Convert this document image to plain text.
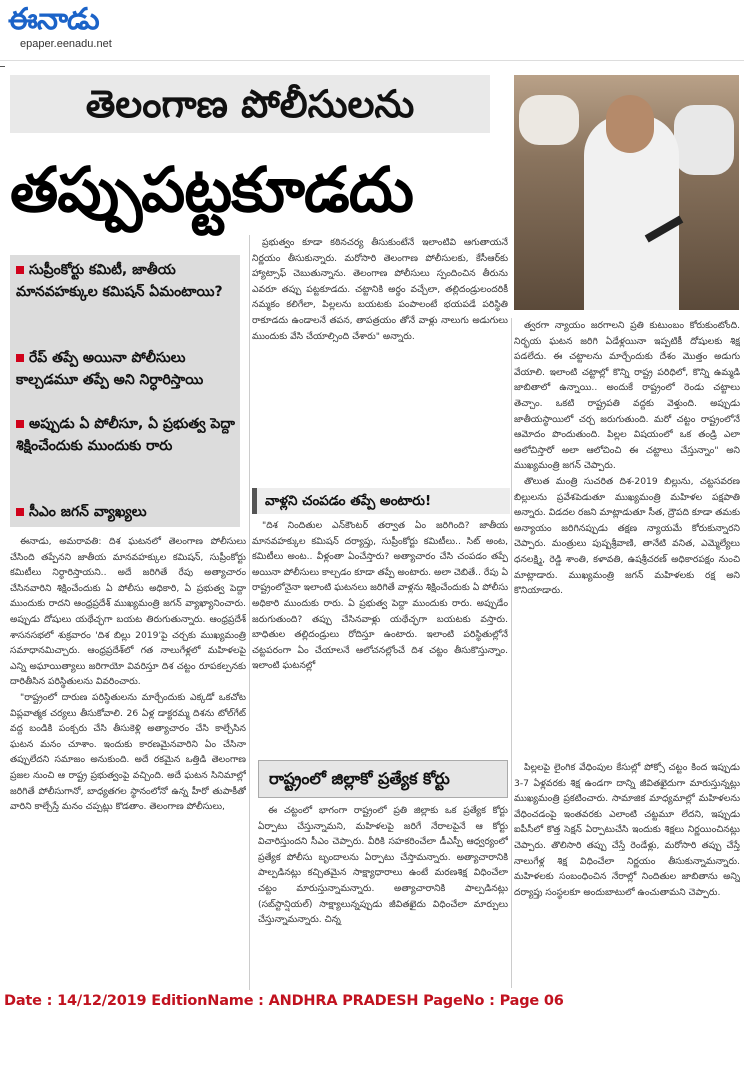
ఈనాడు
epaper.eenadu.net
తెలంగాణ పోలీసులను
తప్పుపట్టకూడదు
సుప్రీంకోర్టు కమిటీ, జాతీయ మానవహక్కుల కమిషన్‌ ఏమంటాయి?
రేప్‌ తప్పే అయినా పోలీసులు కాల్చడమూ తప్పే అని నిర్ధారిస్తాయి
అప్పుడు ఏ పోలీసూ, ఏ ప్రభుత్వ పెద్దా శిక్షించేందుకు ముందుకు రారు
సీఎం జగన్‌ వ్యాఖ్యలు

ఈనాడు, అమరావతి: దిశ ఘటనలో తెలంగాణ పోలీసులు చేసింది తప్పేనని జాతీయ మానవహక్కుల కమిషన్‌, సుప్రీంకోర్టు కమిటీలు నిర్ధారిస్తాయని.. అదే జరిగితే రేపు అత్యాచారం చేసినవారిని శిక్షించేందుకు ఏ పోలీసు అధికారి, ఏ ప్రభుత్వ పెద్దా ముందుకు రాదని ఆంధ్రప్రదేశ్‌ ముఖ్యమంత్రి జగన్‌ వ్యాఖ్యానించారు. అప్పుడు దోషులు యథేచ్ఛగా బయట తిరుగుతున్నారు. ఆంధ్రప్రదేశ్‌ శాసనసభలో శుక్రవారం 'దిశ బిల్లు 2019'పై చర్చకు ముఖ్యమంత్రి సమాధానమిచ్చారు. ఆంధ్రప్రదేశ్‌లో గత నాలుగేళ్లలో మహిళలపై ఎన్ని అఘాయిత్యాలు జరిగాయో వివరిస్తూ దిశ చట్టం రూపకల్పనకు దారితీసిన పరిస్థితులను వివరించారు.

"రాష్ట్రంలో దారుణ పరిస్థితులను మార్చేందుకు ఎక్కడో ఒకచోట విప్లవాత్మక చర్యలు తీసుకోవాలి. 26 ఏళ్ల డాక్టరమ్మ దిశను టోల్‌గేట్‌ వద్ద బండికి పంక్చరు చేసి తీసుకెళ్లి అత్యాచారం చేసి కాల్చేసిన ఘటన మనం చూశాం. ఇందుకు కారణమైనవారిని ఏం చేసినా తప్పులేదని సమాజం అనుకుంది. అదే రకమైన ఒత్తిడి తెలంగాణ ప్రజల నుంచి ఆ రాష్ట్ర ప్రభుత్వంపై వచ్చింది. అదే ఘటన సినిమాల్లో జరిగితే పోలీసుగానో, బాధ్యతగల స్థానంలోనో ఉన్న హీరో తుపాకీతో వారిని కాల్చేస్తే మనం చప్పట్లు కొడతాం. తెలంగాణ పోలీసులు,

ప్రభుత్వం కూడా కఠినచర్య తీసుకుంటేనే ఇలాంటివి ఆగుతాయనే నిర్ణయం తీసుకున్నారు. మరోసారి తెలంగాణ పోలీసులకు, కేసీఆర్‌కు హ్యాట్సాఫ్‌ చెబుతున్నాను. తెలంగాణ పోలీసులు స్పందించిన తీరును ఎవరూ తప్పు పట్టకూడదు. చట్టానికి అర్థం వచ్చేలా, తల్లిదండ్రులందరికీ నమ్మకం కలిగేలా, పిల్లలను బయటకు పంపాలంటే భయపడే పరిస్థితి రాకూడదు ఉండాలనే తపన, తాపత్రయం తోనే వాళ్లు నాలుగు అడుగులు ముందుకు వేసి చేయాల్సింది చేశారు" అన్నారు.

వాళ్లని చంపడం తప్పే అంటారు!

"దిశ నిందితుల ఎన్‌కౌంటర్‌ తర్వాత ఏం జరిగింది? జాతీయ మానవహక్కుల కమిషన్‌ దర్యాప్తు, సుప్రీంకోర్టు కమిటీలు.. సిట్‌ అంట, కమిటీలు అంట.. వీళ్లంతా ఏంచేస్తారు? అత్యాచారం చేసి చంపడం తప్పే అయినా పోలీసులు కాల్చడం కూడా తప్పే అంటారు. అలా చెబితే.. రేపు ఏ రాష్ట్రంలోనైనా ఇలాంటి ఘటనలు జరిగితే వాళ్లను శిక్షించేందుకు ఏ పోలీసు అధికారి ముందుకు రారు. ఏ ప్రభుత్వ పెద్దా ముందుకు రారు. అప్పుడేం జరుగుతుంది? తప్పు చేసినవాళ్లు యథేచ్ఛగా బయటకు వస్తారు. బాధితుల తల్లిదండ్రులు రోదిస్తూ ఉంటారు. ఇలాంటి పరిస్థితుల్లోనే చట్టపరంగా ఏం చేయాలనే ఆలోచనల్లోంచే దిశ చట్టం తీసుకొస్తున్నాం. ఇలాంటి ఘటనల్లో

త్వరగా న్యాయం జరగాలని ప్రతి కుటుంబం కోరుకుంటోంది. నిర్భయ ఘటన జరిగి ఏడేళ్లయినా ఇప్పటికీ దోషులకు శిక్ష పడలేదు. ఈ చట్టాలను మార్చేందుకు దేశం మొత్తం అడుగు వేయాలి. ఇలాంటి చట్టాల్లో కొన్ని రాష్ట్ర పరిధిలో, కొన్ని ఉమ్మడి జాబితాలో ఉన్నాయి.. అందుకే రాష్ట్రంలో రెండు చట్టాలు తెచ్చాం. ఒకటి రాష్ట్రపతి వద్దకు వెళ్తుంది. అప్పుడు జాతీయస్థాయిలో చర్చ జరుగుతుంది. మరో చట్టం రాష్ట్రంలోనే ఆమోదం పొందుతుంది. పిల్లల విషయంలో ఒక తండ్రి ఎలా ఆలోచిస్తారో అలా ఆలోచించి ఈ చట్టాలు చేస్తున్నాం" అని ముఖ్యమంత్రి జగన్‌ చెప్పారు.

తొలుత మంత్రి సుచరిత దిశ-2019 బిల్లును, చట్టసవరణ బిల్లులను ప్రవేశపెడుతూ ముఖ్యమంత్రి మహిళల పక్షపాతి అన్నారు. విడదల రజని మాట్లాడుతూ సీత, ద్రౌపది కూడా తమకు అన్యాయం జరిగినప్పుడు తక్షణ న్యాయమే కోరుకున్నారని చెప్పారు. మంత్రులు పుష్పశ్రీవాణి, తానేటి వనిత, ఎమ్మెల్యేలు ధనలక్ష్మి, రెడ్డి శాంతి, కళావతి, ఉషశ్రీచరణ్‌ అధికారపక్షం నుంచి మాట్లాడారు. ముఖ్యమంత్రి జగన్‌ మహిళలకు రక్ష అని కొనియాడారు.

రాష్ట్రంలో జిల్లాకో ప్రత్యేక కోర్టు

ఈ చట్టంలో భాగంగా రాష్ట్రంలో ప్రతి జిల్లాకు ఒక ప్రత్యేక కోర్టు ఏర్పాటు చేస్తున్నామని, మహిళలపై జరిగే నేరాలపైనే ఆ కోర్టు విచారిస్తుందని సీఎం చెప్పారు. వీరికి సహకరించేలా డీఎస్పీ ఆధ్వర్యంలో ప్రత్యేక పోలీసు బృందాలను ఏర్పాటు చేస్తామన్నారు. అత్యాచారానికి పాల్పడినట్లు కచ్చితమైన సాక్ష్యాధారాలు ఉంటే మరణశిక్ష విధించేలా చట్టం మారుస్తున్నామన్నారు. అత్యాచారానికి పాల్పడినట్లు (సబ్‌స్టాన్షియల్‌) సాక్ష్యాలున్నప్పుడు జీవితఖైదు విధించేలా మార్పులు చేస్తున్నామన్నారు. చిన్న

పిల్లలపై లైంగిక వేధింపుల కేసుల్లో పోక్సో చట్టం కింద ఇప్పుడు 3-7 ఏళ్లవరకు శిక్ష ఉండగా దాన్ని జీవితఖైదుగా మారుస్తున్నట్లు ముఖ్యమంత్రి ప్రకటించారు. సామాజిక మాధ్యమాల్లో మహిళలను వేధించడంపై ఇంతవరకు ఎలాంటి చట్టమూ లేదని, ఇప్పుడు ఐపీసీలో కొత్త సెక్షన్‌ ఏర్పాటుచేసి ఇందుకు శిక్షలు నిర్ణయించినట్లు చెప్పారు. తొలిసారి తప్పు చేస్తే రెండేళ్లు, మరోసారి తప్పు చేస్తే నాలుగేళ్ల శిక్ష విధించేలా నిర్ణయం తీసుకున్నామన్నారు. మహిళలకు సంబంధించిన నేరాల్లో నిందితుల జాబితాను అన్ని దర్యాప్తు సంస్థలకూ అందుబాటులో ఉంచుతామని చెప్పారు.

Date : 14/12/2019 EditionName : ANDHRA PRADESH PageNo : Page 06
